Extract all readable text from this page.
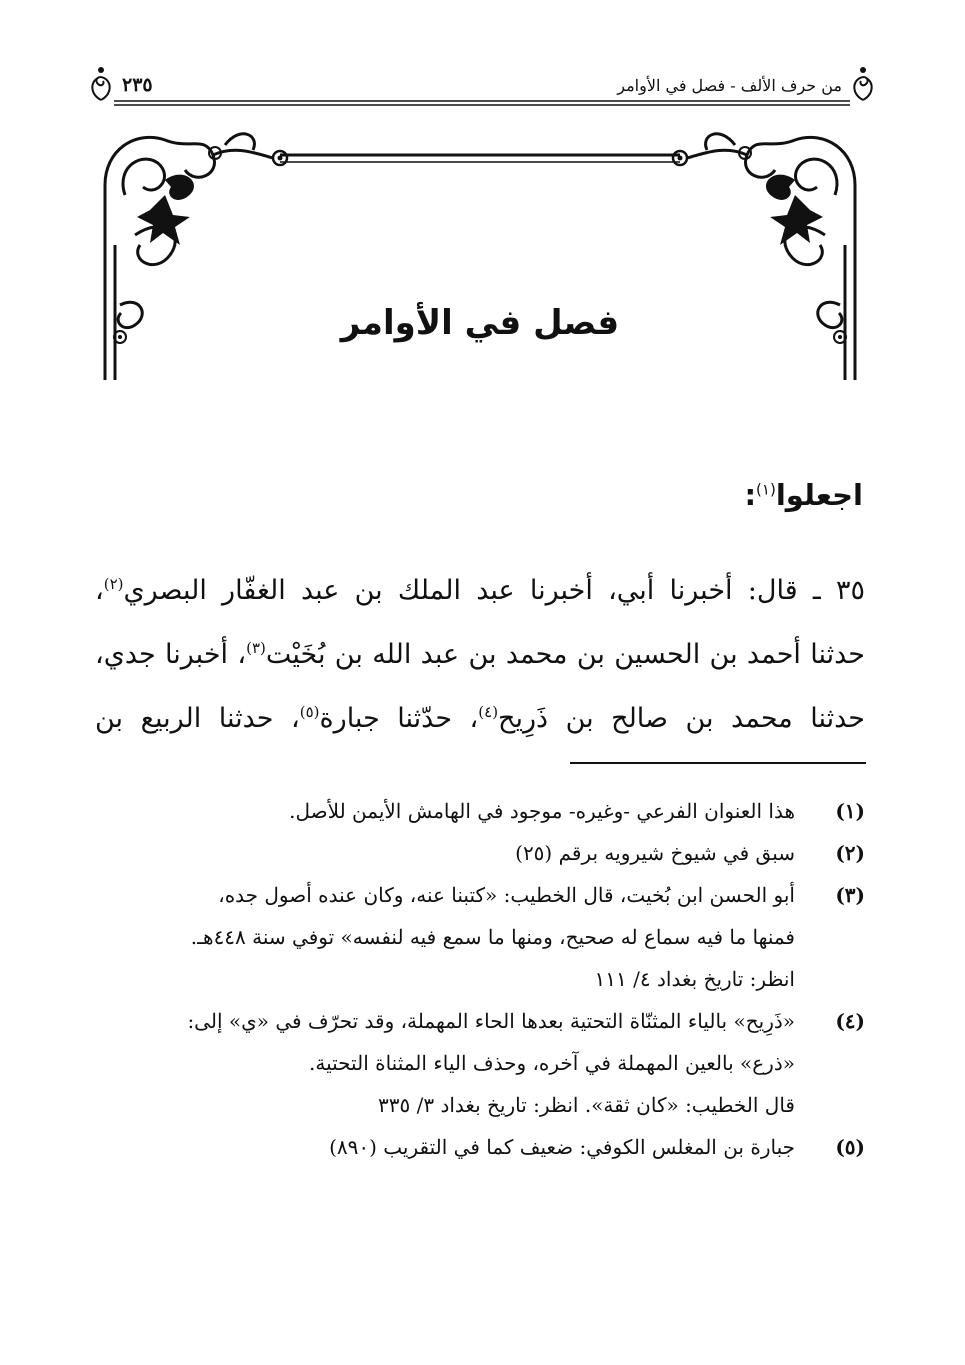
من حرف الألف - فصل في الأوامر
٢٣٥
فصل في الأوامر
اجعلوا$^{(١)}$:
٣٥ ـ قال: أخبرنا أبي، أخبرنا عبد الملك بن عبد الغفّار البصري$^{(٢)}$،
حدثنا أحمد بن الحسين بن محمد بن عبد الله بن بُخَيْت$^{(٣)}$، أخبرنا جدي،
حدثنا محمد بن صالح بن ذَرِيح$^{(٤)}$، حدّثنا جبارة$^{(٥)}$، حدثنا الربيع بن
(١)
هذا العنوان الفرعي -وغيره- موجود في الهامش الأيمن للأصل.
(٢)
سبق في شيوخ شيرويه برقم (٢٥)
(٣)
أبو الحسن ابن بُخيت، قال الخطيب: «كتبنا عنه، وكان عنده أصول جده،
فمنها ما فيه سماع له صحيح، ومنها ما سمع فيه لنفسه» توفي سنة ٤٤٨هـ.
انظر: تاريخ بغداد ٤/ ١١١
(٤)
«ذَرِيح» بالياء المثنّاة التحتية بعدها الحاء المهملة، وقد تحرّف في «ي» إلى:
«ذرع» بالعين المهملة في آخره، وحذف الياء المثناة التحتية.
قال الخطيب: «كان ثقة». انظر: تاريخ بغداد ٣/ ٣٣٥
(٥)
جبارة بن المغلس الكوفي: ضعيف كما في التقريب (٨٩٠)
